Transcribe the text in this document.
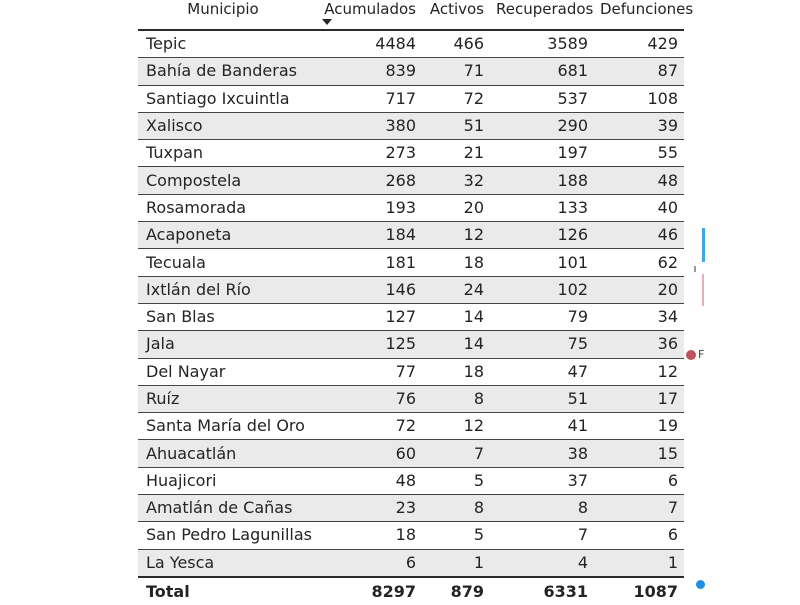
Municipio	Acumulados	Activos	Recuperados	Defunciones
Tepic	4484	466	3589	429
Bahía de Banderas	839	71	681	87
Santiago Ixcuintla	717	72	537	108
Xalisco	380	51	290	39
Tuxpan	273	21	197	55
Compostela	268	32	188	48
Rosamorada	193	20	133	40
Acaponeta	184	12	126	46
Tecuala	181	18	101	62
Ixtlán del Río	146	24	102	20
San Blas	127	14	79	34
Jala	125	14	75	36
Del Nayar	77	18	47	12
Ruíz	76	8	51	17
Santa María del Oro	72	12	41	19
Ahuacatlán	60	7	38	15
Huajicori	48	5	37	6
Amatlán de Cañas	23	8	8	7
San Pedro Lagunillas	18	5	7	6
La Yesca	6	1	4	1
Total	8297	879	6331	1087
F
